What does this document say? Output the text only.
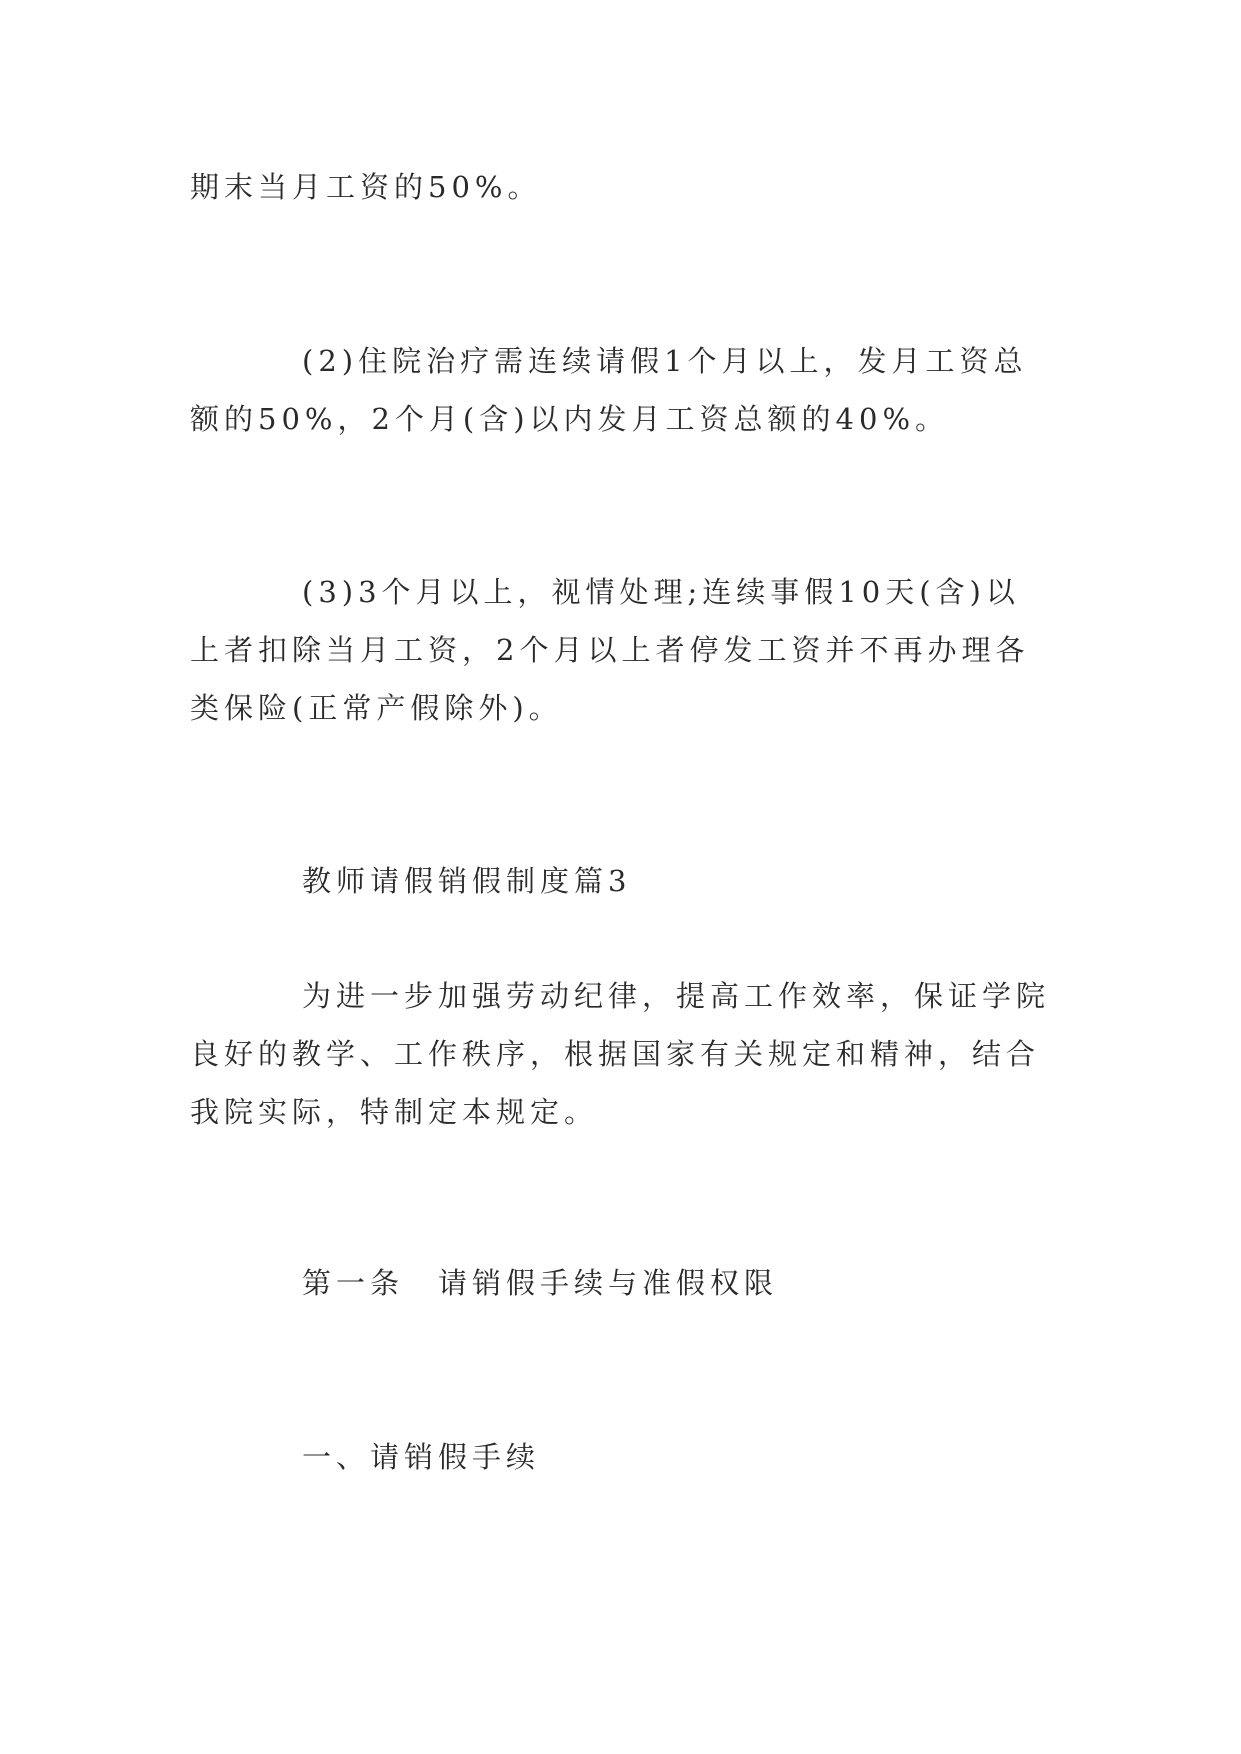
期末当月工资的50%。

(2)住院治疗需连续请假1个月以上，发月工资总额的50%，2个月(含)以内发月工资总额的40%。

(3)3个月以上，视情处理;连续事假10天(含)以上者扣除当月工资，2个月以上者停发工资并不再办理各类保险(正常产假除外)。

教师请假销假制度篇3

为进一步加强劳动纪律，提高工作效率，保证学院良好的教学、工作秩序，根据国家有关规定和精神，结合我院实际，特制定本规定。

第一条　请销假手续与准假权限
一、请销假手续
